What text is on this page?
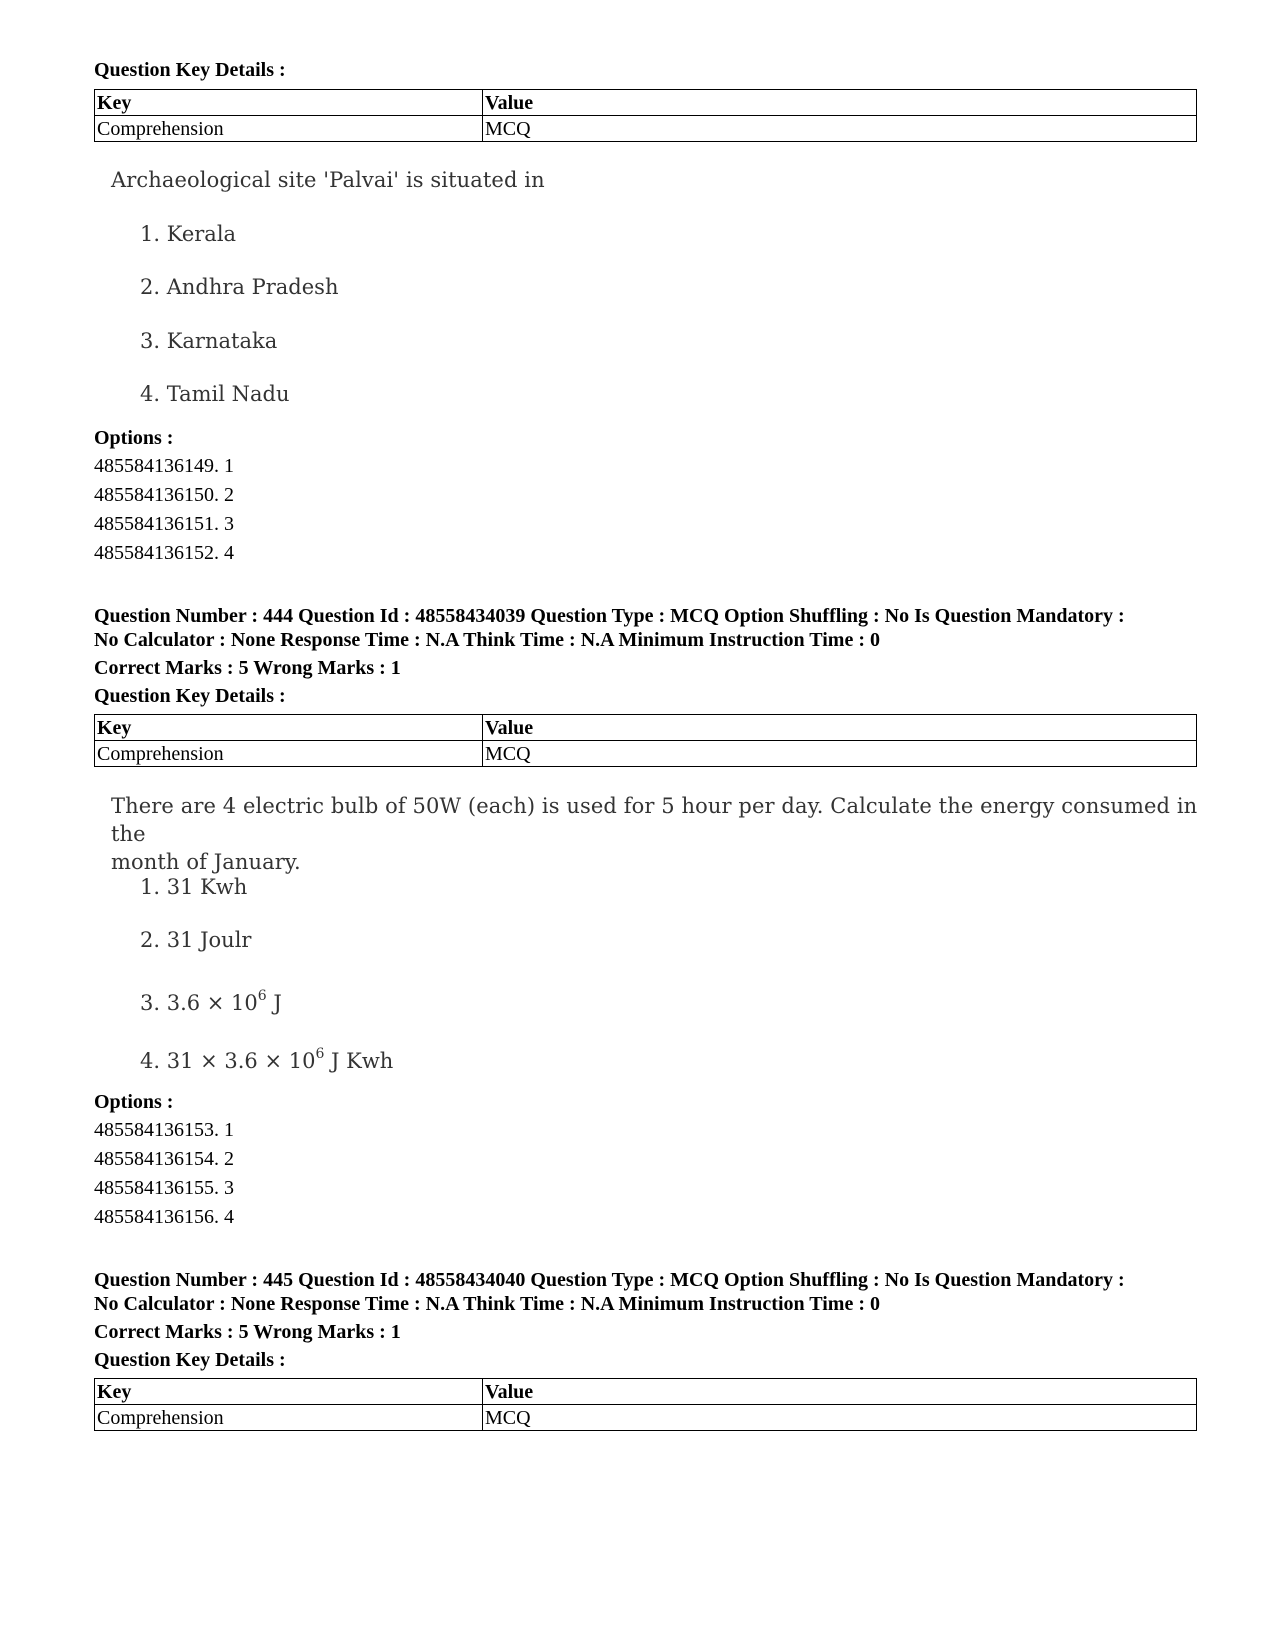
Question Key Details :
Key	Value
Comprehension	MCQ
Archaeological site 'Palvai' is situated in
1. Kerala
2. Andhra Pradesh
3. Karnataka
4. Tamil Nadu
Options :
485584136149. 1
485584136150. 2
485584136151. 3
485584136152. 4
Question Number : 444 Question Id : 48558434039 Question Type : MCQ Option Shuffling : No Is Question Mandatory :
No Calculator : None Response Time : N.A Think Time : N.A Minimum Instruction Time : 0
Correct Marks : 5 Wrong Marks : 1
Question Key Details :
Key	Value
Comprehension	MCQ
There are 4 electric bulb of 50W (each) is used for 5 hour per day. Calculate the energy consumed in the
month of January.
1. 31 Kwh
2. 31 Joulr
3. $3.6 \times 10^6$ J
4. $31 \times 3.6 \times 10^6$ J Kwh
Options :
485584136153. 1
485584136154. 2
485584136155. 3
485584136156. 4
Question Number : 445 Question Id : 48558434040 Question Type : MCQ Option Shuffling : No Is Question Mandatory :
No Calculator : None Response Time : N.A Think Time : N.A Minimum Instruction Time : 0
Correct Marks : 5 Wrong Marks : 1
Question Key Details :
Key	Value
Comprehension	MCQ
